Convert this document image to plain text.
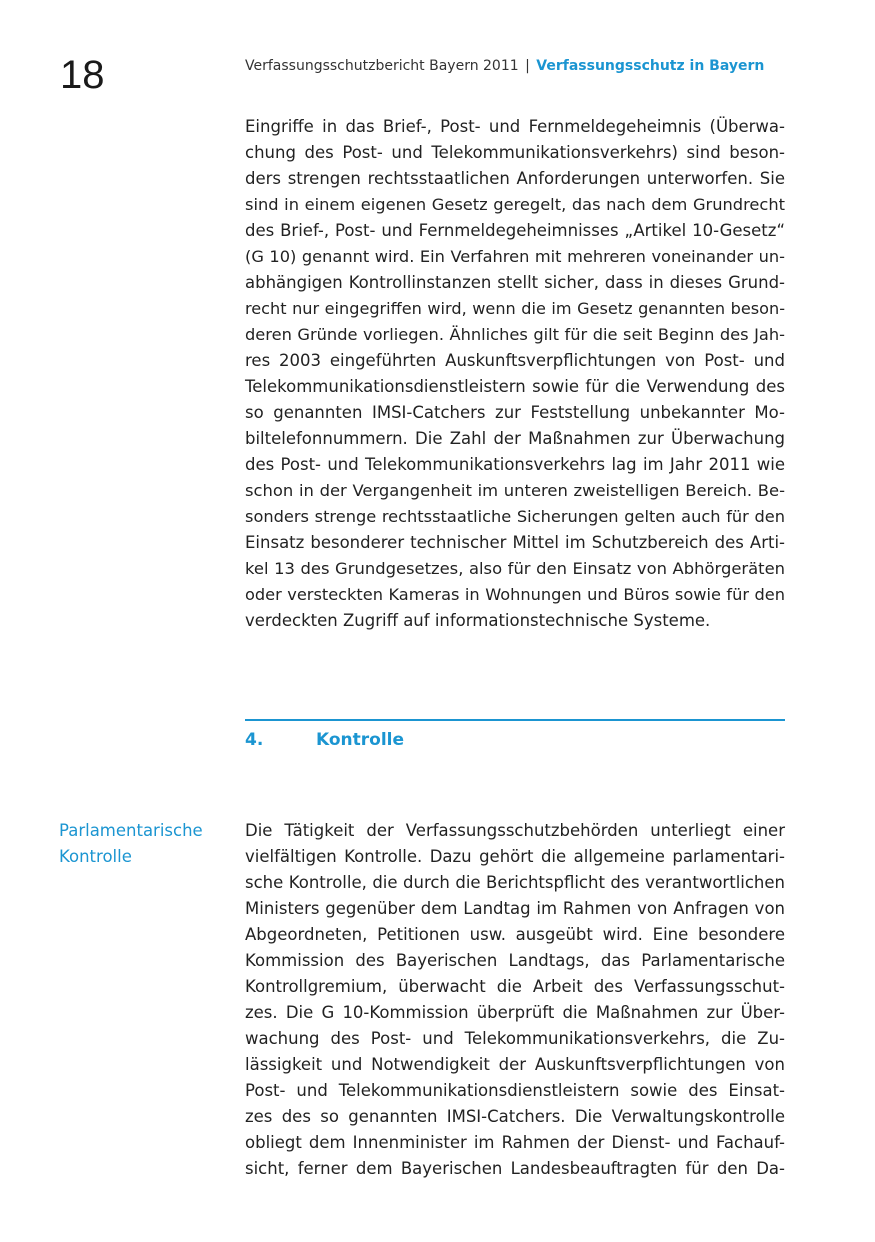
18	Verfassungsschutzbericht Bayern 2011 | Verfassungsschutz in Bayern
Eingriffe in das Brief-, Post- und Fernmeldegeheimnis (Überwa-
chung des Post- und Telekommunikationsverkehrs) sind beson-
ders strengen rechtsstaatlichen Anforderungen unterworfen. Sie
sind in einem eigenen Gesetz geregelt, das nach dem Grundrecht
des Brief-, Post- und Fernmeldegeheimnisses „Artikel 10-Gesetz“
(G 10) genannt wird. Ein Verfahren mit mehreren voneinander un-
abhängigen Kontrollinstanzen stellt sicher, dass in dieses Grund-
recht nur eingegriffen wird, wenn die im Gesetz genannten beson-
deren Gründe vorliegen. Ähnliches gilt für die seit Beginn des Jah-
res 2003 eingeführten Auskunftsverpflichtungen von Post- und
Telekommunikationsdienstleistern sowie für die Verwendung des
so genannten IMSI-Catchers zur Feststellung unbekannter Mo-
biltelefonnummern. Die Zahl der Maßnahmen zur Überwachung
des Post- und Telekommunikationsverkehrs lag im Jahr 2011 wie
schon in der Vergangenheit im unteren zweistelligen Bereich. Be-
sonders strenge rechtsstaatliche Sicherungen gelten auch für den
Einsatz besonderer technischer Mittel im Schutzbereich des Arti-
kel 13 des Grundgesetzes, also für den Einsatz von Abhörgeräten
oder versteckten Kameras in Wohnungen und Büros sowie für den
verdeckten Zugriff auf informationstechnische Systeme.
4.	Kontrolle
Parlamentarische
Kontrolle
Die Tätigkeit der Verfassungsschutzbehörden unterliegt einer
vielfältigen Kontrolle. Dazu gehört die allgemeine parlamentari-
sche Kontrolle, die durch die Berichtspflicht des verantwortlichen
Ministers gegenüber dem Landtag im Rahmen von Anfragen von
Abgeordneten, Petitionen usw. ausgeübt wird. Eine besondere
Kommission des Bayerischen Landtags, das Parlamentarische
Kontrollgremium, überwacht die Arbeit des Verfassungsschut-
zes. Die G 10-Kommission überprüft die Maßnahmen zur Über-
wachung des Post- und Telekommunikationsverkehrs, die Zu-
lässigkeit und Notwendigkeit der Auskunftsverpflichtungen von
Post- und Telekommunikationsdienstleistern sowie des Einsat-
zes des so genannten IMSI-Catchers. Die Verwaltungskontrolle
obliegt dem Innenminister im Rahmen der Dienst- und Fachauf-
sicht, ferner dem Bayerischen Landesbeauftragten für den Da-
